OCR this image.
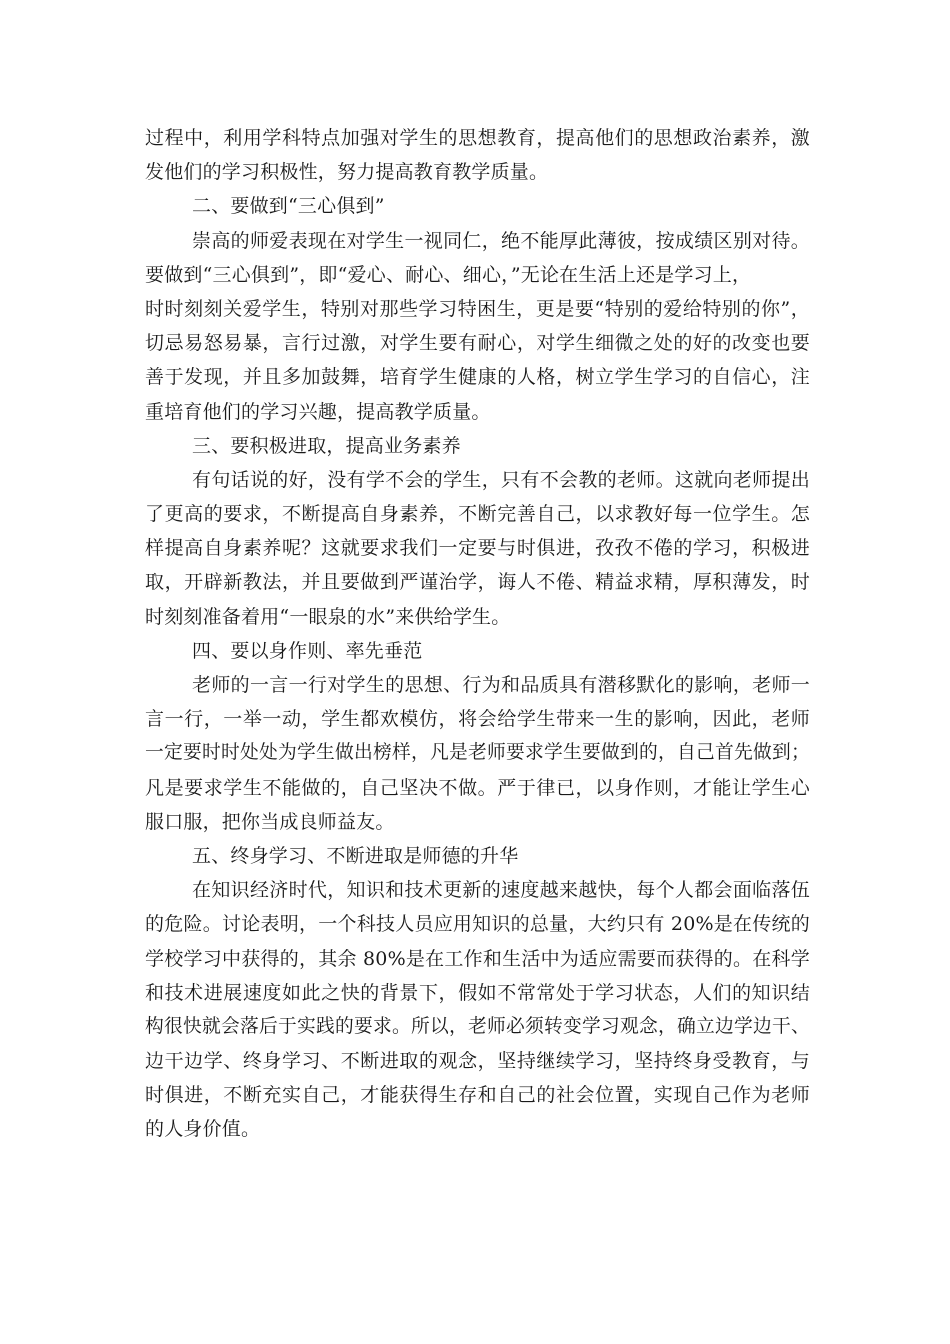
过程中，利用学科特点加强对学生的思想教育，提高他们的思想政治素养，激
发他们的学习积极性，努力提高教育教学质量。
二、要做到“三心俱到”
崇高的师爱表现在对学生一视同仁，绝不能厚此薄彼，按成绩区别对待。
要做到“三心俱到”，即“爱心、耐心、细心，”无论在生活上还是学习上，
时时刻刻关爱学生，特别对那些学习特困生，更是要“特别的爱给特别的你”，
切忌易怒易暴，言行过激，对学生要有耐心，对学生细微之处的好的改变也要
善于发现，并且多加鼓舞，培育学生健康的人格，树立学生学习的自信心，注
重培育他们的学习兴趣，提高教学质量。
三、要积极进取，提高业务素养
有句话说的好，没有学不会的学生，只有不会教的老师。这就向老师提出
了更高的要求，不断提高自身素养，不断完善自己，以求教好每一位学生。怎
样提高自身素养呢？这就要求我们一定要与时俱进，孜孜不倦的学习，积极进
取，开辟新教法，并且要做到严谨治学，诲人不倦、精益求精，厚积薄发，时
时刻刻准备着用“一眼泉的水”来供给学生。
四、要以身作则、率先垂范
老师的一言一行对学生的思想、行为和品质具有潜移默化的影响，老师一
言一行，一举一动，学生都欢模仿，将会给学生带来一生的影响，因此，老师
一定要时时处处为学生做出榜样，凡是老师要求学生要做到的，自己首先做到；
凡是要求学生不能做的，自己坚决不做。严于律已，以身作则，才能让学生心
服口服，把你当成良师益友。
五、终身学习、不断进取是师德的升华
在知识经济时代，知识和技术更新的速度越来越快，每个人都会面临落伍
的危险。讨论表明，一个科技人员应用知识的总量，大约只有 20%是在传统的
学校学习中获得的，其余 80%是在工作和生活中为适应需要而获得的。在科学
和技术进展速度如此之快的背景下，假如不常常处于学习状态，人们的知识结
构很快就会落后于实践的要求。所以，老师必须转变学习观念，确立边学边干、
边干边学、终身学习、不断进取的观念，坚持继续学习，坚持终身受教育，与
时俱进，不断充实自己，才能获得生存和自己的社会位置，实现自己作为老师
的人身价值。
